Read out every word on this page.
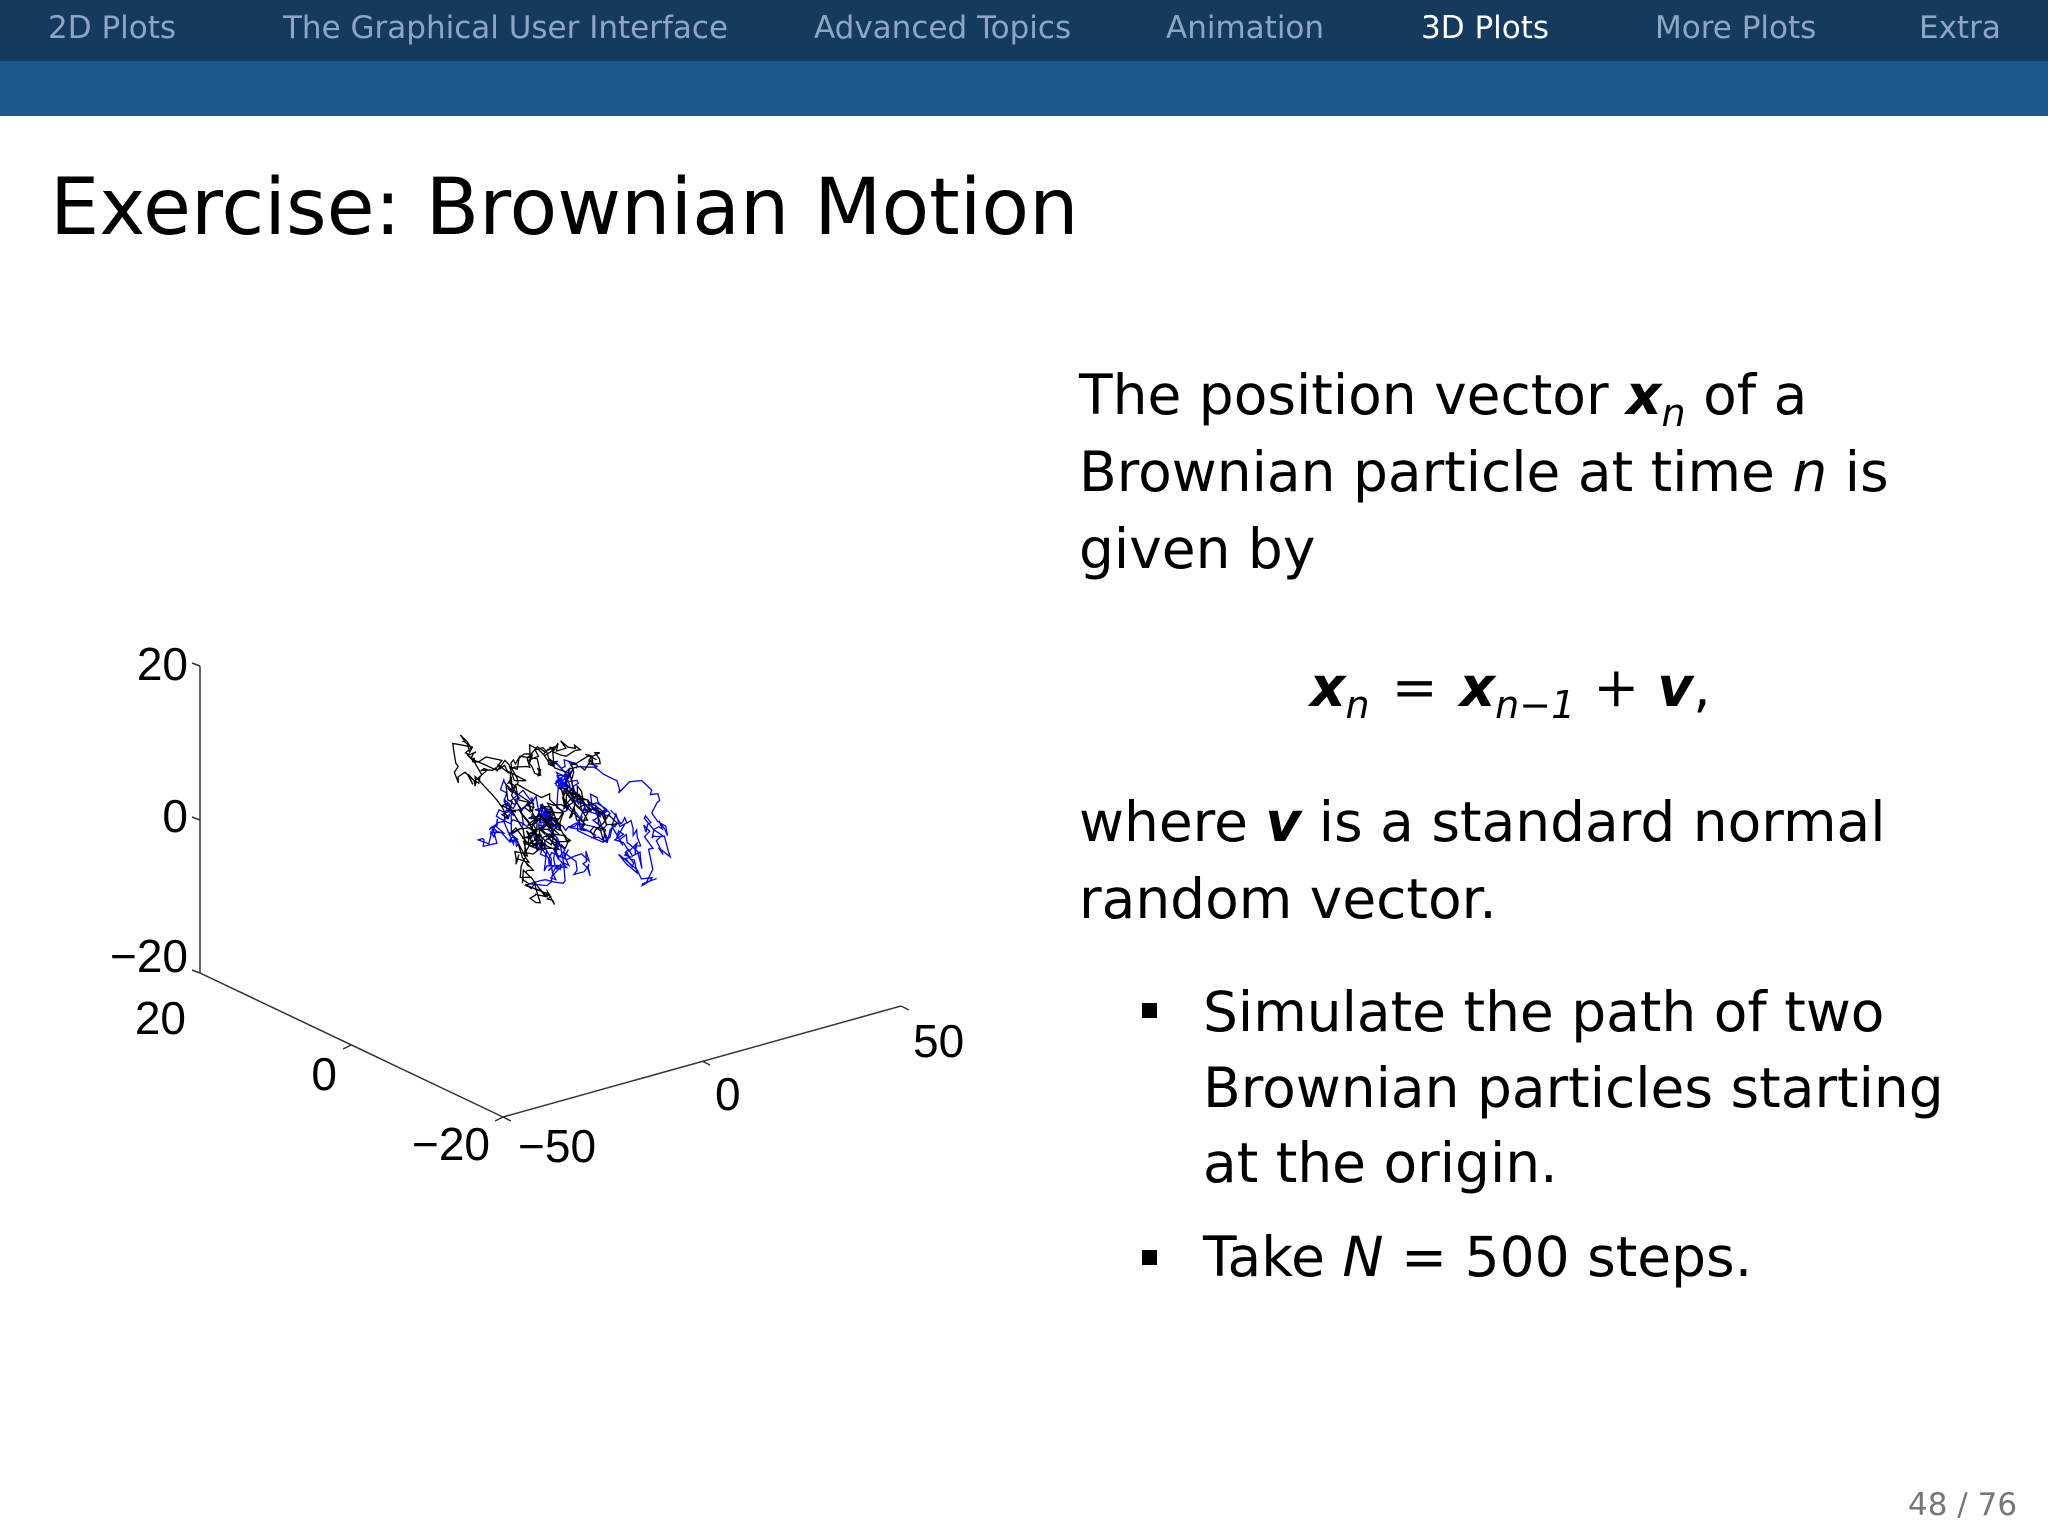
2D Plots	The Graphical User Interface	Advanced Topics	Animation	3D Plots	More Plots	Extra
Exercise: Brownian Motion
20
0
−20
20
0
−20 −50
0
50
The position vector $x_n$ of a
Brownian particle at time n is
given by
$x_n = x_{n-1} + v$,
where v is a standard normal
random vector.
Simulate the path of two
Brownian particles starting
at the origin.
Take N = 500 steps.
48 / 76
